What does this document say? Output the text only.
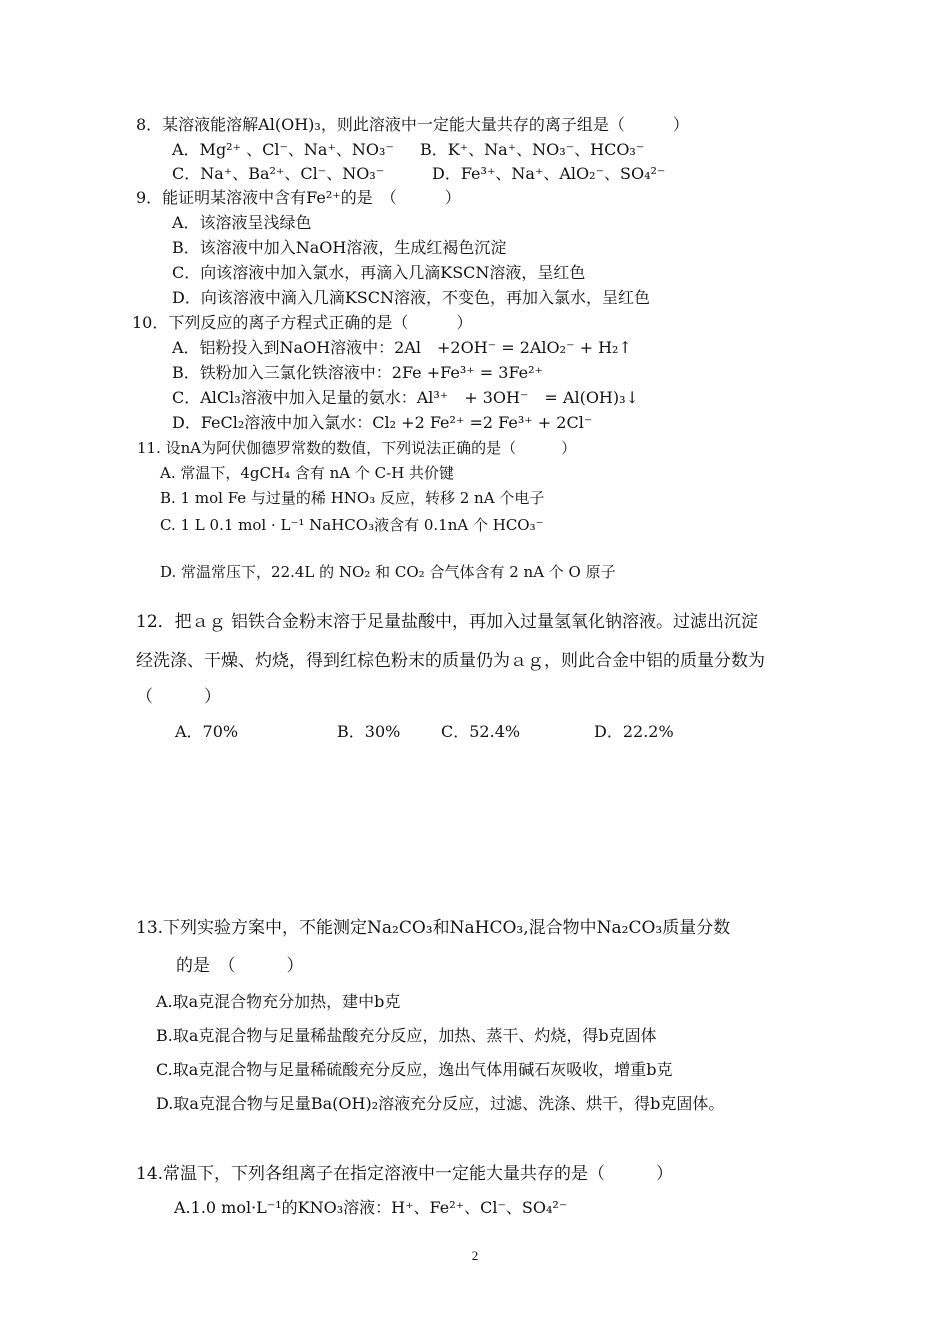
8．某溶液能溶解Al(OH)₃，则此溶液中一定能大量共存的离子组是（　　　）
A．Mg²⁺ 、Cl⁻、Na⁺、NO₃⁻ B．K⁺、Na⁺、NO₃⁻、HCO₃⁻
C．Na⁺、Ba²⁺、Cl⁻、NO₃⁻	D．Fe³⁺、Na⁺、AlO₂⁻、SO₄²⁻
9．能证明某溶液中含有Fe²⁺的是　（　　　）
A．该溶液呈浅绿色
B．该溶液中加入NaOH溶液，生成红褐色沉淀
C．向该溶液中加入氯水，再滴入几滴KSCN溶液，呈红色
D．向该溶液中滴入几滴KSCN溶液，不变色，再加入氯水，呈红色
10．下列反应的离子方程式正确的是（　　　）
A．铝粉投入到NaOH溶液中：2Al　+2OH⁻ = 2AlO₂⁻ + H₂↑
B．铁粉加入三氯化铁溶液中：2Fe +Fe³⁺ = 3Fe²⁺
C．AlCl₃溶液中加入足量的氨水：Al³⁺　+ 3OH⁻　= Al(OH)₃↓
D．FeCl₂溶液中加入氯水：Cl₂ +2 Fe²⁺ =2 Fe³⁺ + 2Cl⁻
11. 设nA为阿伏伽德罗常数的数值，下列说法正确的是（　　　）
A. 常温下，4gCH₄ 含有 nA 个 C-H 共价键
B. 1 mol Fe 与过量的稀 HNO₃ 反应，转移 2 nA 个电子
C. 1 L 0.1 mol · L⁻¹ NaHCO₃液含有 0.1nA 个 HCO₃⁻
D. 常温常压下，22.4L 的 NO₂ 和 CO₂ 合气体含有 2 nA 个 O 原子
12．把ａｇ 铝铁合金粉末溶于足量盐酸中，再加入过量氢氧化钠溶液。过滤出沉淀
经洗涤、干燥、灼烧，得到红棕色粉末的质量仍为ａｇ，则此合金中铝的质量分数为
（　　　）
A．70%	B．30%	C．52.4%	D．22.2%
13.下列实验方案中，不能测定Na₂CO₃和NaHCO₃,混合物中Na₂CO₃质量分数
的是　（　　　）
A.取a克混合物充分加热，建中b克
B.取a克混合物与足量稀盐酸充分反应，加热、蒸干、灼烧，得b克固体
C.取a克混合物与足量稀硫酸充分反应，逸出气体用碱石灰吸收，增重b克
D.取a克混合物与足量Ba(OH)₂溶液充分反应，过滤、洗涤、烘干，得b克固体。
14.常温下，下列各组离子在指定溶液中一定能大量共存的是（　　　）
A.1.0 mol·L⁻¹的KNO₃溶液：H⁺、Fe²⁺、Cl⁻、SO₄²⁻
2
